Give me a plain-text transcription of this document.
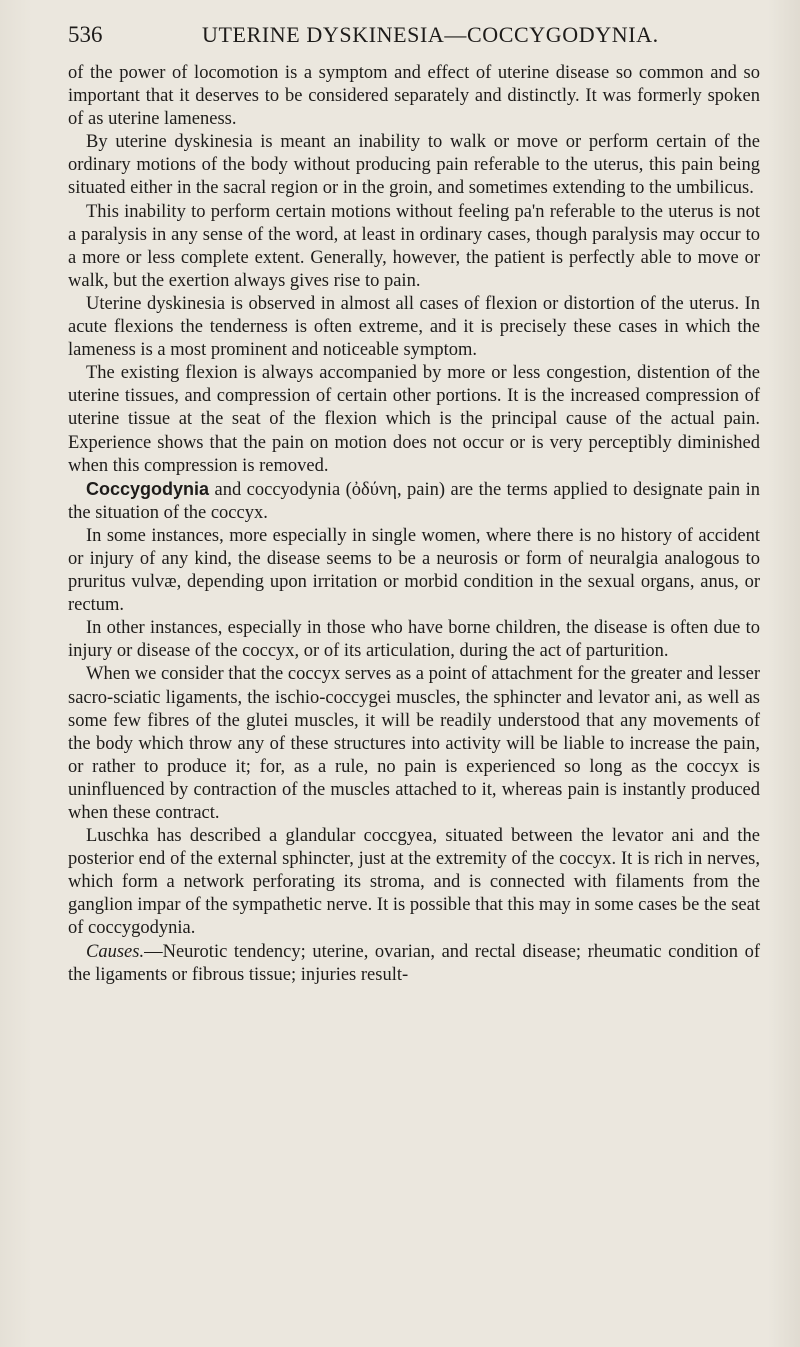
536	UTERINE DYSKINESIA—COCCYGODYNIA.

of the power of locomotion is a symptom and effect of uterine disease so common and so important that it deserves to be considered separately and distinctly. It was formerly spoken of as uterine lameness.

By uterine dyskinesia is meant an inability to walk or move or perform certain of the ordinary motions of the body without producing pain referable to the uterus, this pain being situated either in the sacral region or in the groin, and sometimes extending to the umbilicus.

This inability to perform certain motions without feeling pa'n referable to the uterus is not a paralysis in any sense of the word, at least in ordinary cases, though paralysis may occur to a more or less complete extent. Generally, however, the patient is perfectly able to move or walk, but the exertion always gives rise to pain.

Uterine dyskinesia is observed in almost all cases of flexion or distortion of the uterus. In acute flexions the tenderness is often extreme, and it is precisely these cases in which the lameness is a most prominent and noticeable symptom.

The existing flexion is always accompanied by more or less congestion, distention of the uterine tissues, and compression of certain other portions. It is the increased compression of uterine tissue at the seat of the flexion which is the principal cause of the actual pain. Experience shows that the pain on motion does not occur or is very perceptibly diminished when this compression is removed.

Coccygodynia and coccyodynia (ὀδύνη, pain) are the terms applied to designate pain in the situation of the coccyx.

In some instances, more especially in single women, where there is no history of accident or injury of any kind, the disease seems to be a neurosis or form of neuralgia analogous to pruritus vulvæ, depending upon irritation or morbid condition in the sexual organs, anus, or rectum.

In other instances, especially in those who have borne children, the disease is often due to injury or disease of the coccyx, or of its articulation, during the act of parturition.

When we consider that the coccyx serves as a point of attachment for the greater and lesser sacro-sciatic ligaments, the ischio-coccygei muscles, the sphincter and levator ani, as well as some few fibres of the glutei muscles, it will be readily understood that any movements of the body which throw any of these structures into activity will be liable to increase the pain, or rather to produce it; for, as a rule, no pain is experienced so long as the coccyx is uninfluenced by contraction of the muscles attached to it, whereas pain is instantly produced when these contract.

Luschka has described a glandular coccgyea, situated between the levator ani and the posterior end of the external sphincter, just at the extremity of the coccyx. It is rich in nerves, which form a network perforating its stroma, and is connected with filaments from the ganglion impar of the sympathetic nerve. It is possible that this may in some cases be the seat of coccygodynia.

Causes.—Neurotic tendency; uterine, ovarian, and rectal disease; rheumatic condition of the ligaments or fibrous tissue; injuries result-
